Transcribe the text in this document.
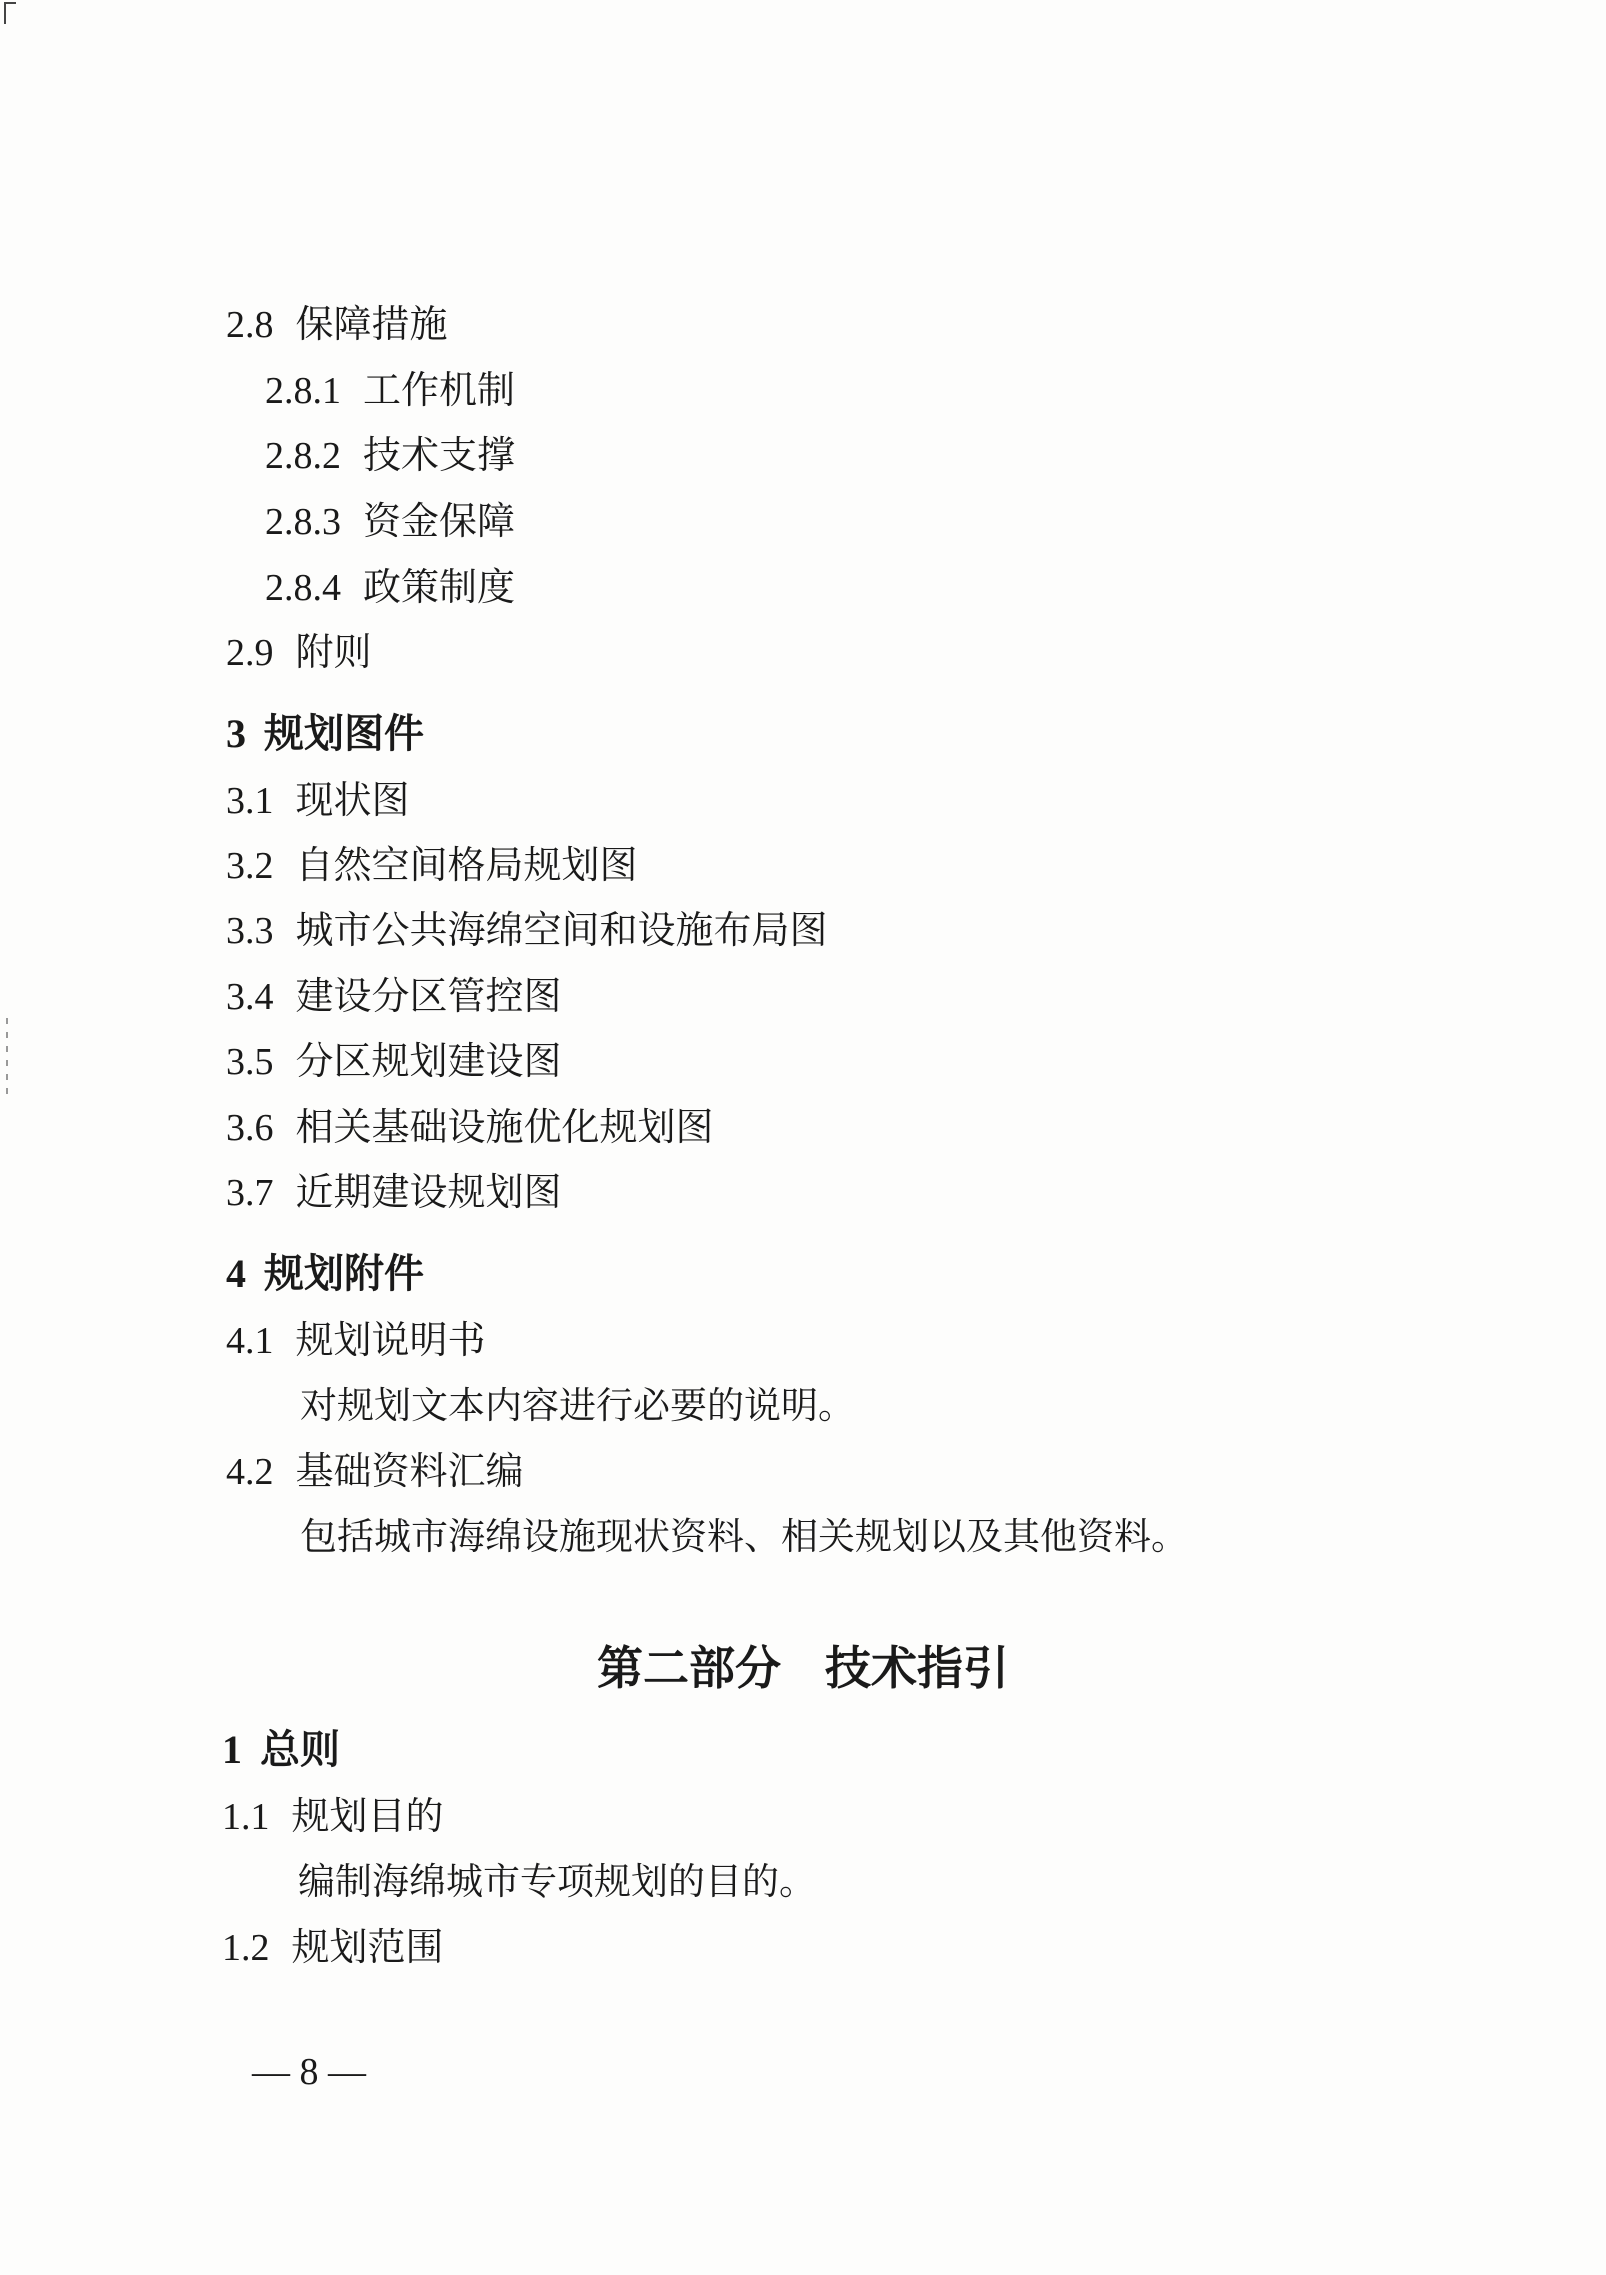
2.8 保障措施
2.8.1 工作机制
2.8.2 技术支撑
2.8.3 资金保障
2.8.4 政策制度
2.9 附则
3 规划图件
3.1 现状图
3.2 自然空间格局规划图
3.3 城市公共海绵空间和设施布局图
3.4 建设分区管控图
3.5 分区规划建设图
3.6 相关基础设施优化规划图
3.7 近期建设规划图
4 规划附件
4.1 规划说明书
对规划文本内容进行必要的说明。
4.2 基础资料汇编
包括城市海绵设施现状资料、相关规划以及其他资料。
第二部分 技术指引
1 总则
1.1 规划目的
编制海绵城市专项规划的目的。
1.2 规划范围
— 8 —
